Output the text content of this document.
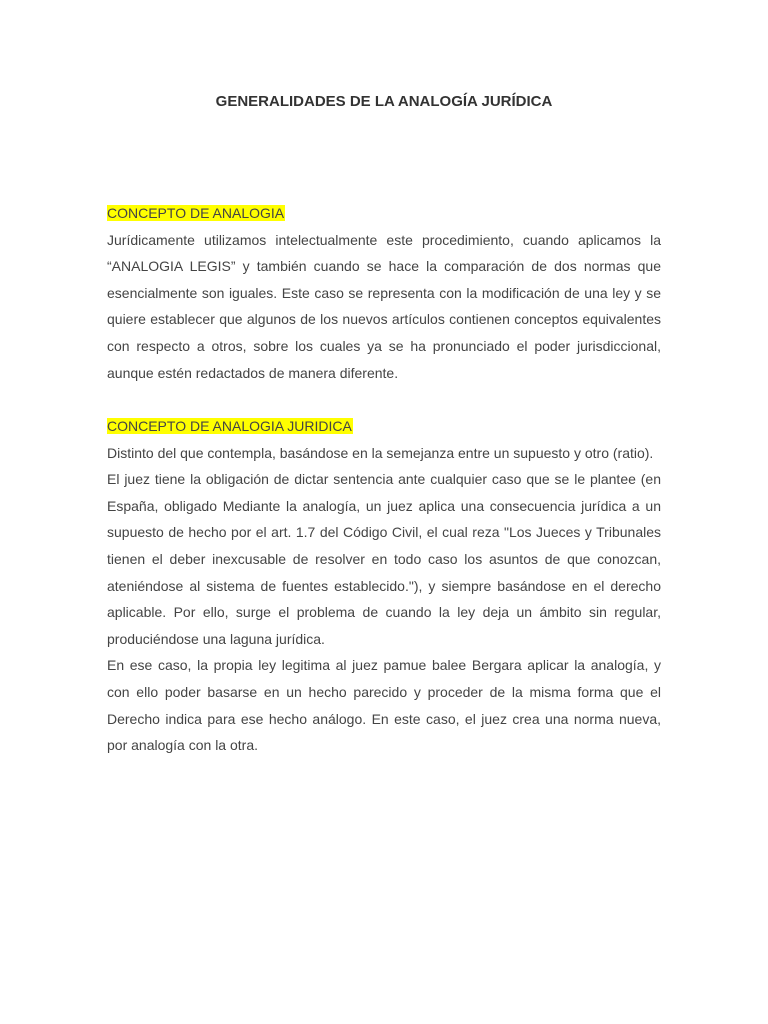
GENERALIDADES DE LA ANALOGÍA JURÍDICA
CONCEPTO DE ANALOGIA

Jurídicamente utilizamos intelectualmente este procedimiento, cuando aplicamos la “ANALOGIA LEGIS” y también cuando se hace la comparación de dos normas que esencialmente son iguales. Este caso se representa con la modificación de una ley y se quiere establecer que algunos de los nuevos artículos contienen conceptos equivalentes con respecto a otros, sobre los cuales ya se ha pronunciado el poder jurisdiccional, aunque estén redactados de manera diferente.

CONCEPTO DE ANALOGIA JURIDICA

Distinto del que contempla, basándose en la semejanza entre un supuesto y otro (ratio).

El juez tiene la obligación de dictar sentencia ante cualquier caso que se le plantee (en España, obligado Mediante la analogía, un juez aplica una consecuencia jurídica a un supuesto de hecho por el art. 1.7 del Código Civil, el cual reza "Los Jueces y Tribunales tienen el deber inexcusable de resolver en todo caso los asuntos de que conozcan, ateniéndose al sistema de fuentes establecido."), y siempre basándose en el derecho aplicable. Por ello, surge el problema de cuando la ley deja un ámbito sin regular, produciéndose una laguna jurídica.

En ese caso, la propia ley legitima al juez pamue balee Bergara aplicar la analogía, y con ello poder basarse en un hecho parecido y proceder de la misma forma que el Derecho indica para ese hecho análogo. En este caso, el juez crea una norma nueva, por analogía con la otra.
